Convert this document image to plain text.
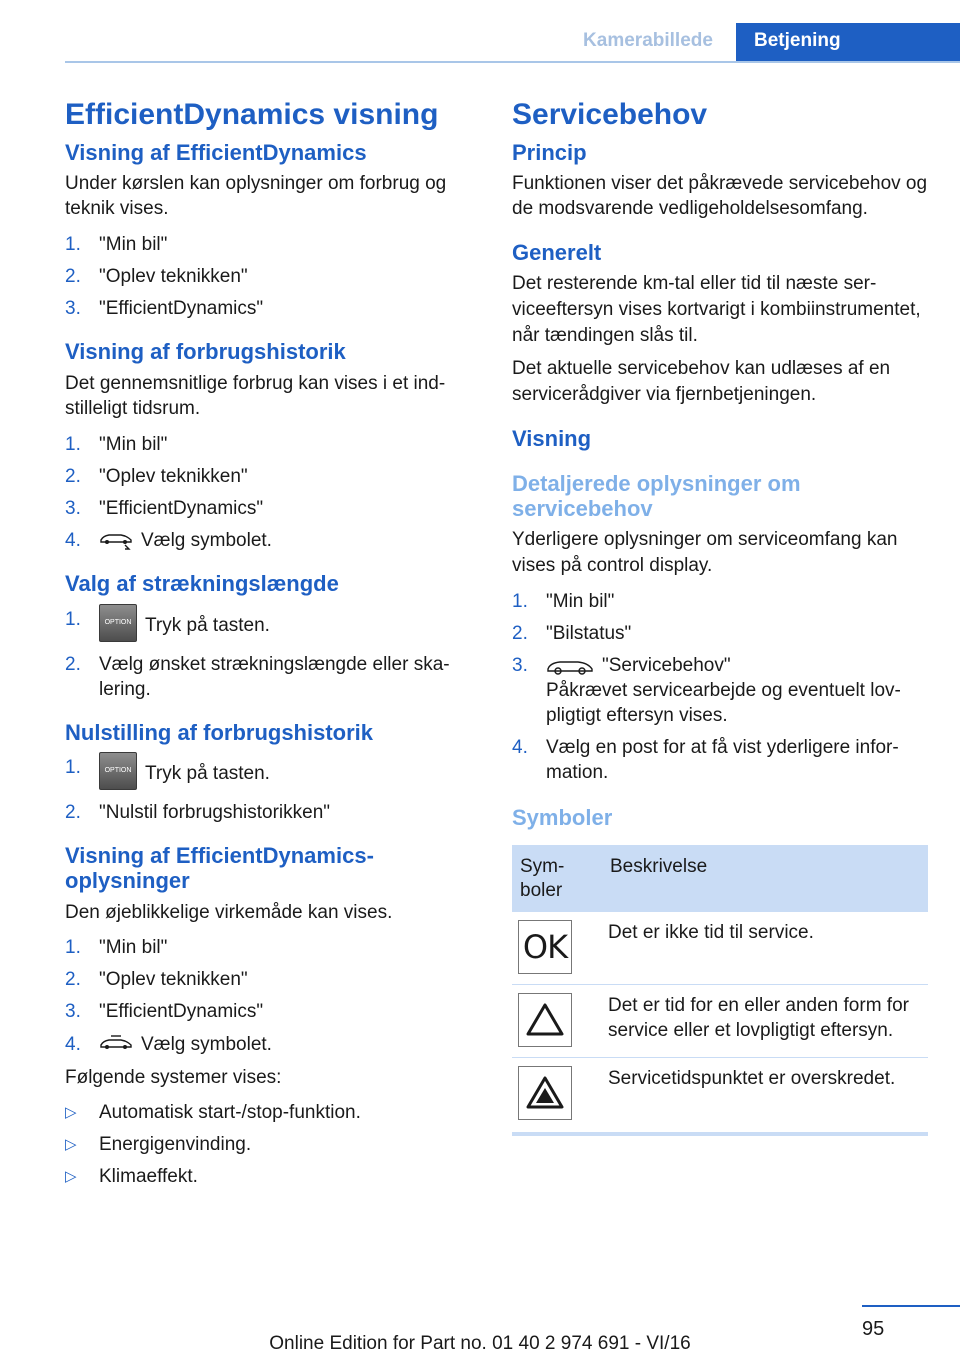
Kamerabillede	Betjening
EfficientDynamics visning
Visning af EfficientDynamics

Under kørslen kan oplysninger om forbrug og teknik vises.

1. "Min bil"
2. "Oplev teknikken"
3. "EfficientDynamics"
Visning af forbrugshistorik

Det gennemsnitlige forbrug kan vises i et indstilleligt tidsrum.

1. "Min bil"
2. "Oplev teknikken"
3. "EfficientDynamics"
4.	Vælg symbolet.
Valg af strækningslængde
1.	OPTION Tryk på tasten.
2. Vælg ønsket strækningslængde eller skalering.
Nulstilling af forbrugshistorik
1.	OPTION Tryk på tasten.
2. "Nulstil forbrugshistorikken"
Visning af EfficientDynamics-oplysninger

Den øjeblikkelige virkemåde kan vises.

1. "Min bil"
2. "Oplev teknikken"
3. "EfficientDynamics"
4.	Vælg symbolet.

Følgende systemer vises:

▷ Automatisk start-/stop-funktion.
▷ Energigenvinding.
▷ Klimaeffekt.
Servicebehov
Princip

Funktionen viser det påkrævede servicebehov og de modsvarende vedligeholdelsesomfang.

Generelt

Det resterende km-tal eller tid til næste serviceeftersyn vises kortvarigt i kombiinstrumentet, når tændingen slås til.

Det aktuelle servicebehov kan udlæses af en servicerådgiver via fjernbetjeningen.

Visning
Detaljerede oplysninger om servicebehov

Yderligere oplysninger om serviceomfang kan vises på control display.

1. "Min bil"
2. "Bilstatus"
3.	"Servicebehov"
Påkrævet servicearbejde og eventuelt lovpligtigt eftersyn vises.
4. Vælg en post for at få vist yderligere information.
Symboler
Symboler	Beskrivelse

OK	Det er ikke tid til service.

	Det er tid for en eller anden form for service eller et lovpligtigt eftersyn.

	Servicetidspunktet er overskredet.
95
Online Edition for Part no. 01 40 2 974 691 - VI/16
